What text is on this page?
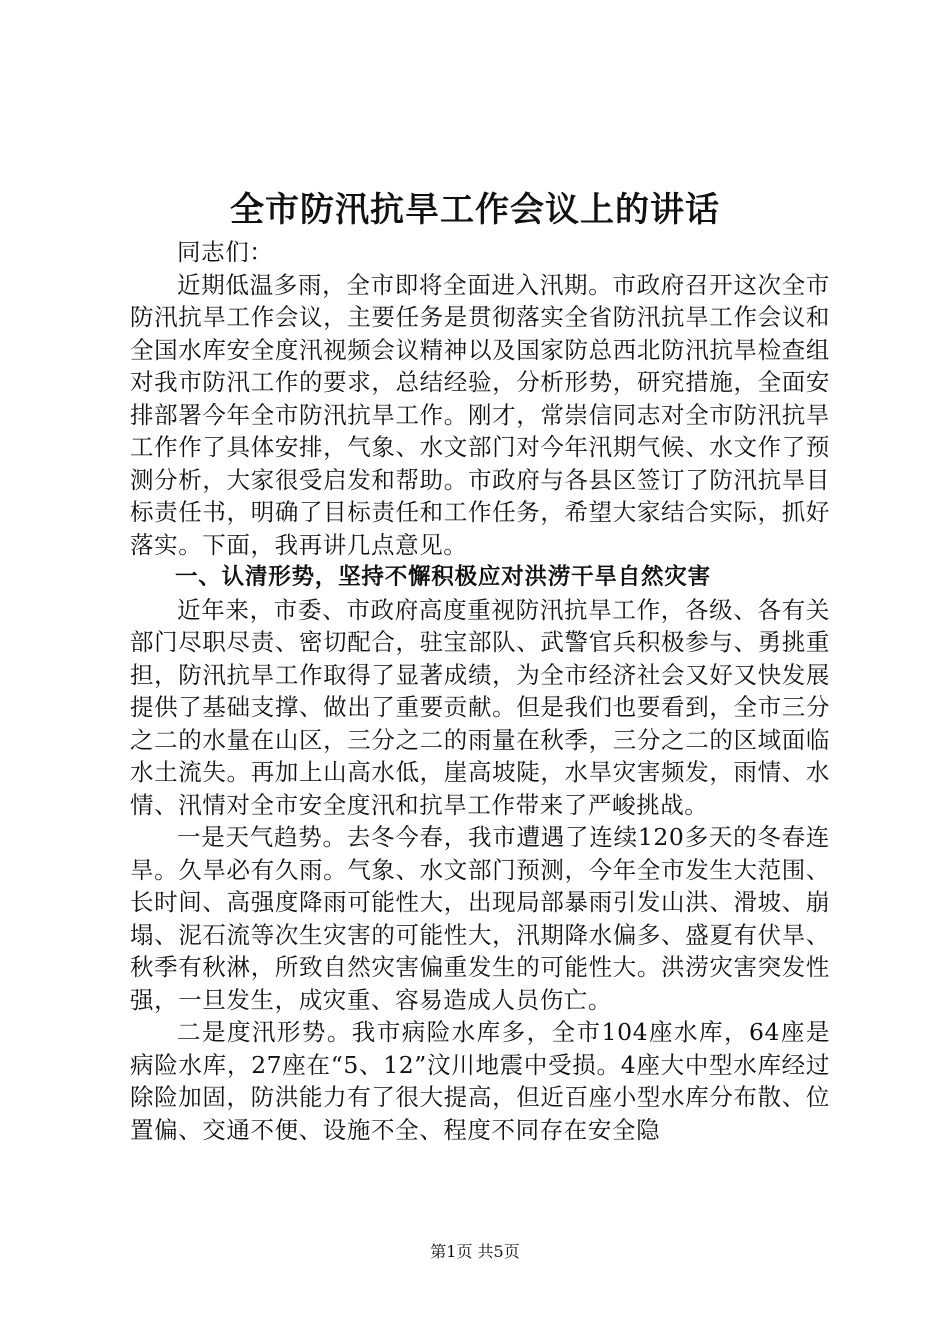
全市防汛抗旱工作会议上的讲话

同志们：

近期低温多雨，全市即将全面进入汛期。市政府召开这次全市防汛抗旱工作会议，主要任务是贯彻落实全省防汛抗旱工作会议和全国水库安全度汛视频会议精神以及国家防总西北防汛抗旱检查组对我市防汛工作的要求，总结经验，分析形势，研究措施，全面安排部署今年全市防汛抗旱工作。刚才，常崇信同志对全市防汛抗旱工作作了具体安排，气象、水文部门对今年汛期气候、水文作了预测分析，大家很受启发和帮助。市政府与各县区签订了防汛抗旱目标责任书，明确了目标责任和工作任务，希望大家结合实际，抓好落实。下面，我再讲几点意见。

一、认清形势，坚持不懈积极应对洪涝干旱自然灾害

近年来，市委、市政府高度重视防汛抗旱工作，各级、各有关部门尽职尽责、密切配合，驻宝部队、武警官兵积极参与、勇挑重担，防汛抗旱工作取得了显著成绩，为全市经济社会又好又快发展提供了基础支撑、做出了重要贡献。但是我们也要看到，全市三分之二的水量在山区，三分之二的雨量在秋季，三分之二的区域面临水土流失。再加上山高水低，崖高坡陡，水旱灾害频发，雨情、水情、汛情对全市安全度汛和抗旱工作带来了严峻挑战。

一是天气趋势。去冬今春，我市遭遇了连续120多天的冬春连旱。久旱必有久雨。气象、水文部门预测，今年全市发生大范围、长时间、高强度降雨可能性大，出现局部暴雨引发山洪、滑坡、崩塌、泥石流等次生灾害的可能性大，汛期降水偏多、盛夏有伏旱、秋季有秋淋，所致自然灾害偏重发生的可能性大。洪涝灾害突发性强，一旦发生，成灾重、容易造成人员伤亡。

二是度汛形势。我市病险水库多，全市104座水库，64座是病险水库，27座在“5、12”汶川地震中受损。4座大中型水库经过除险加固，防洪能力有了很大提高，但近百座小型水库分布散、位置偏、交通不便、设施不全、程度不同存在安全隐

第1页 共5页
